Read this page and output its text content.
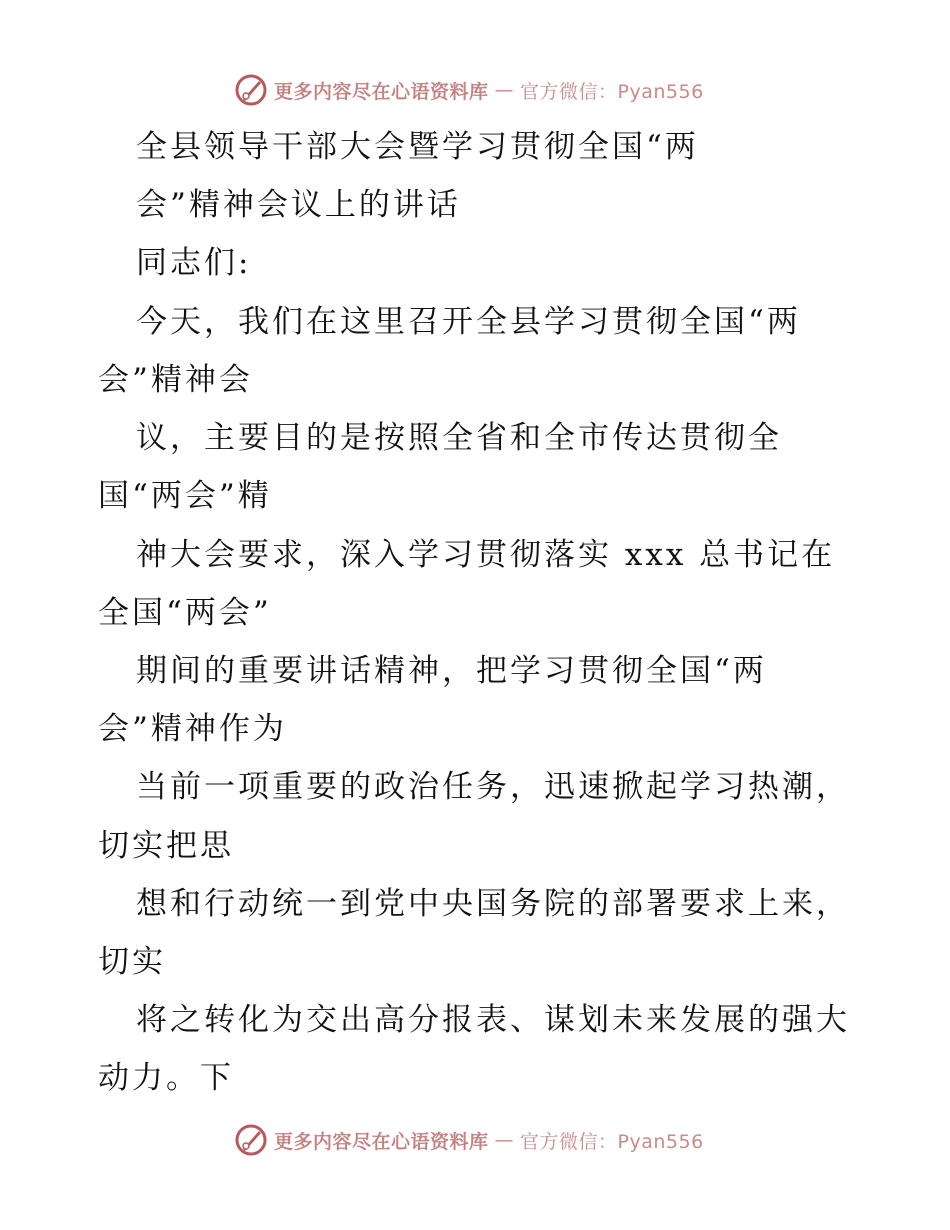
更多内容尽在心语资料库 — 官方微信：Pyan556
全县领导干部大会暨学习贯彻全国“两
会”精神会议上的讲话
同志们:
今天，我们在这里召开全县学习贯彻全国“两
会”精神会
议，主要目的是按照全省和全市传达贯彻全
国“两会”精
神大会要求，深入学习贯彻落实 xxx 总书记在
全国“两会”
期间的重要讲话精神，把学习贯彻全国“两
会”精神作为
当前一项重要的政治任务，迅速掀起学习热潮，
切实把思
想和行动统一到党中央国务院的部署要求上来，
切实
将之转化为交出高分报表、谋划未来发展的强大
动力。下
更多内容尽在心语资料库 — 官方微信：Pyan556
